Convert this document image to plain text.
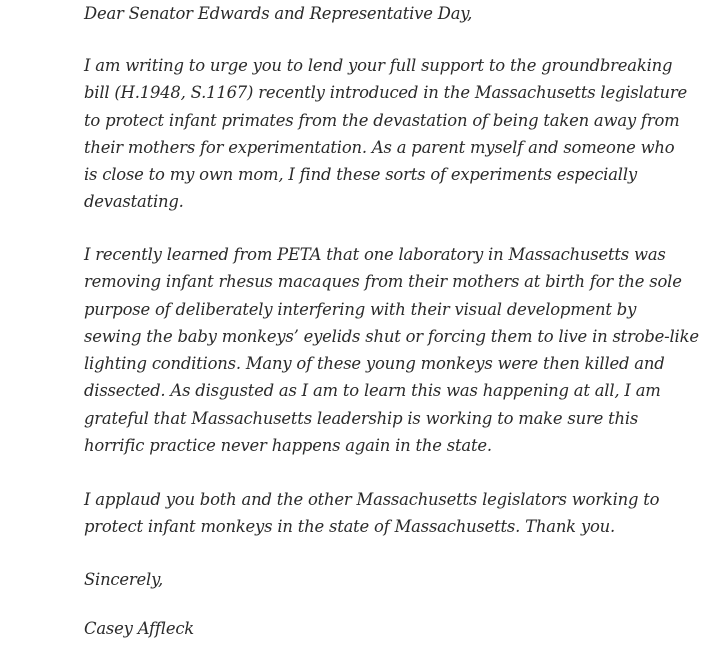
Dear Senator Edwards and Representative Day,
I am writing to urge you to lend your full support to the groundbreaking
bill (H.1948, S.1167) recently introduced in the Massachusetts legislature
to protect infant primates from the devastation of being taken away from
their mothers for experimentation. As a parent myself and someone who
is close to my own mom, I find these sorts of experiments especially
devastating.
I recently learned from PETA that one laboratory in Massachusetts was
removing infant rhesus macaques from their mothers at birth for the sole
purpose of deliberately interfering with their visual development by
sewing the baby monkeys’ eyelids shut or forcing them to live in strobe-like
lighting conditions. Many of these young monkeys were then killed and
dissected. As disgusted as I am to learn this was happening at all, I am
grateful that Massachusetts leadership is working to make sure this
horrific practice never happens again in the state.
I applaud you both and the other Massachusetts legislators working to
protect infant monkeys in the state of Massachusetts. Thank you.
Sincerely,
Casey Affleck
